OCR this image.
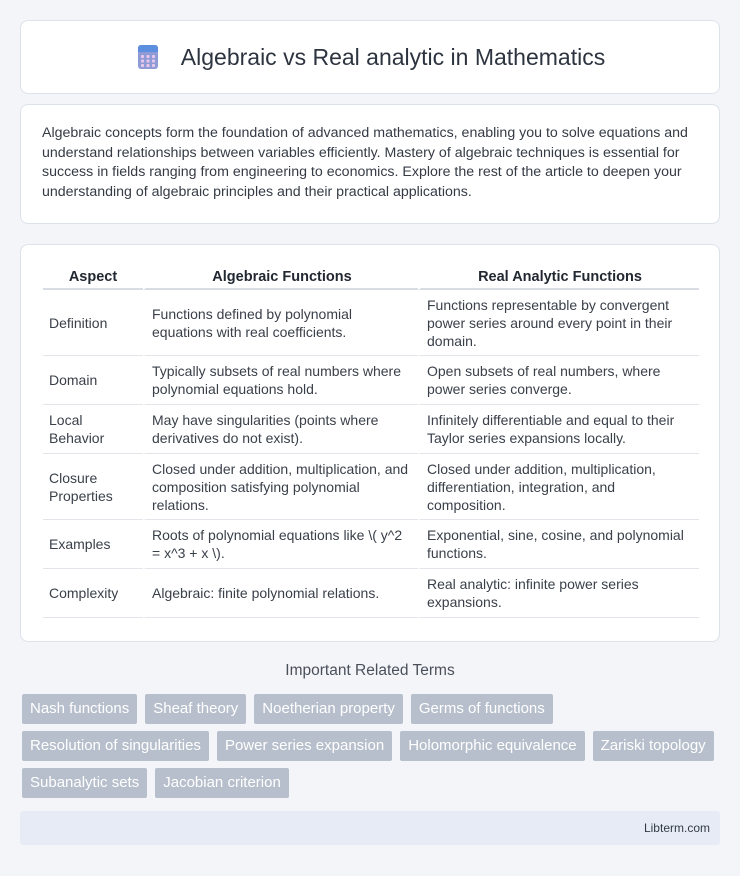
Algebraic vs Real analytic in Mathematics

Algebraic concepts form the foundation of advanced mathematics, enabling you to solve equations and understand relationships between variables efficiently. Mastery of algebraic techniques is essential for success in fields ranging from engineering to economics. Explore the rest of the article to deepen your understanding of algebraic principles and their practical applications.

Aspect	Algebraic Functions	Real Analytic Functions
Definition	Functions defined by polynomial equations with real coefficients.	Functions representable by convergent power series around every point in their domain.
Domain	Typically subsets of real numbers where polynomial equations hold.	Open subsets of real numbers, where power series converge.
Local Behavior	May have singularities (points where derivatives do not exist).	Infinitely differentiable and equal to their Taylor series expansions locally.
Closure Properties	Closed under addition, multiplication, and composition satisfying polynomial relations.	Closed under addition, multiplication, differentiation, integration, and composition.
Examples	Roots of polynomial equations like \( y^2 = x^3 + x \).	Exponential, sine, cosine, and polynomial functions.
Complexity	Algebraic: finite polynomial relations.	Real analytic: infinite power series expansions.
Important Related Terms
Nash functions	Sheaf theory	Noetherian property	Germs of functions
Resolution of singularities	Power series expansion	Holomorphic equivalence	Zariski topology
Subanalytic sets	Jacobian criterion
Libterm.com
